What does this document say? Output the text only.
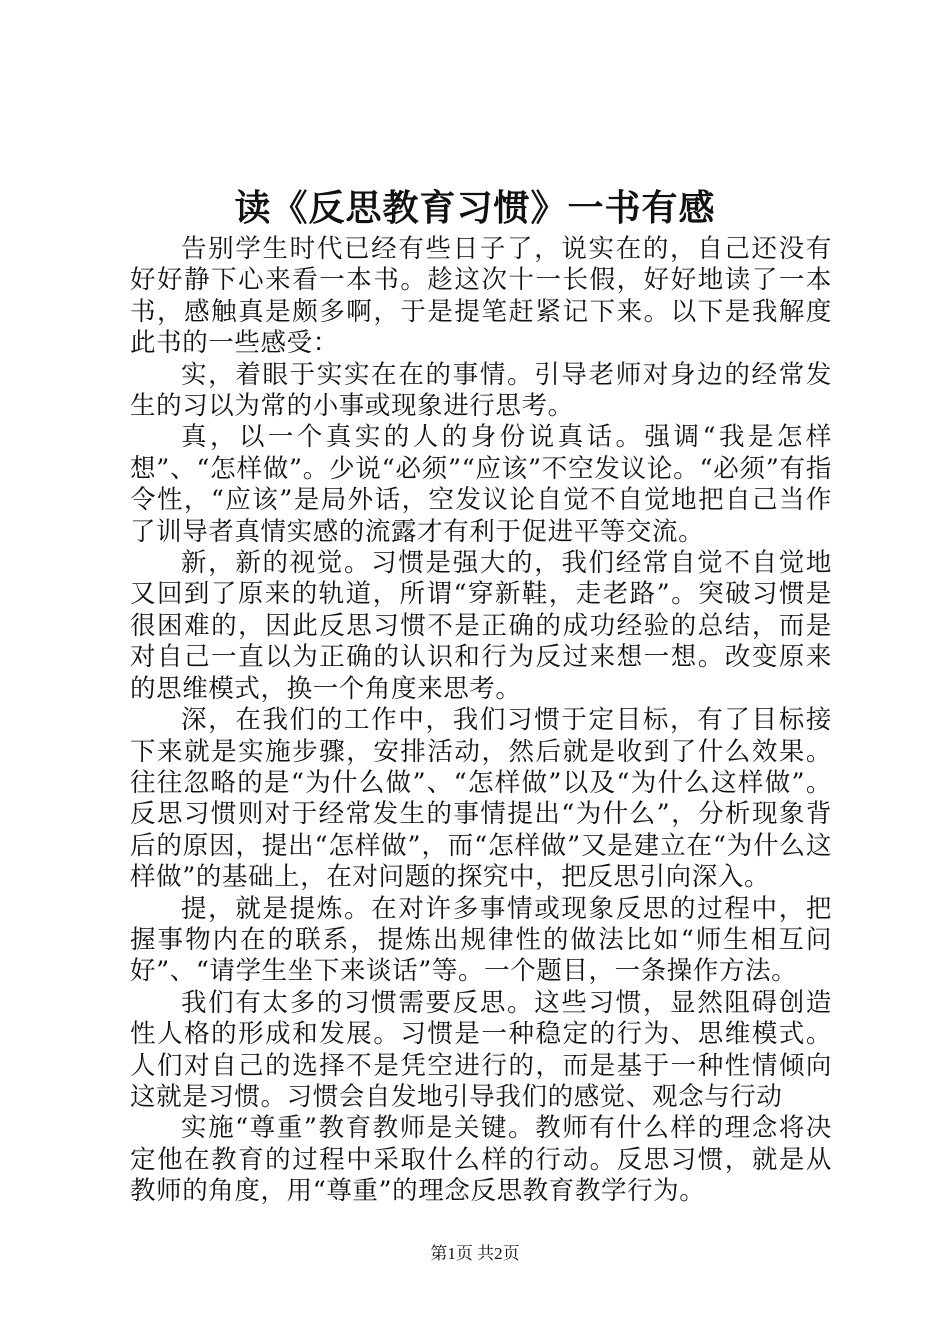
读《反思教育习惯》一书有感

告别学生时代已经有些日子了，说实在的，自己还没有好好静下心来看一本书。趁这次十一长假，好好地读了一本书，感触真是颇多啊，于是提笔赶紧记下来。以下是我解度此书的一些感受：

实，着眼于实实在在的事情。引导老师对身边的经常发生的习以为常的小事或现象进行思考。

真，以一个真实的人的身份说真话。强调“我是怎样想”、“怎样做”。少说“必须”“应该”不空发议论。“必须”有指令性，“应该”是局外话，空发议论自觉不自觉地把自己当作了训导者真情实感的流露才有利于促进平等交流。

新，新的视觉。习惯是强大的，我们经常自觉不自觉地又回到了原来的轨道，所谓“穿新鞋，走老路”。突破习惯是很困难的，因此反思习惯不是正确的成功经验的总结，而是对自己一直以为正确的认识和行为反过来想一想。改变原来的思维模式，换一个角度来思考。

深，在我们的工作中，我们习惯于定目标，有了目标接下来就是实施步骤，安排活动，然后就是收到了什么效果。往往忽略的是“为什么做”、“怎样做”以及“为什么这样做”。反思习惯则对于经常发生的事情提出“为什么”，分析现象背后的原因，提出“怎样做”，而“怎样做”又是建立在“为什么这样做”的基础上，在对问题的探究中，把反思引向深入。

提，就是提炼。在对许多事情或现象反思的过程中，把握事物内在的联系，提炼出规律性的做法比如“师生相互问好”、“请学生坐下来谈话”等。一个题目，一条操作方法。

我们有太多的习惯需要反思。这些习惯，显然阻碍创造性人格的形成和发展。习惯是一种稳定的行为、思维模式。人们对自己的选择不是凭空进行的，而是基于一种性情倾向这就是习惯。习惯会自发地引导我们的感觉、观念与行动

实施“尊重”教育教师是关键。教师有什么样的理念将决定他在教育的过程中采取什么样的行动。反思习惯，就是从教师的角度，用“尊重”的理念反思教育教学行为。

第1页 共2页
